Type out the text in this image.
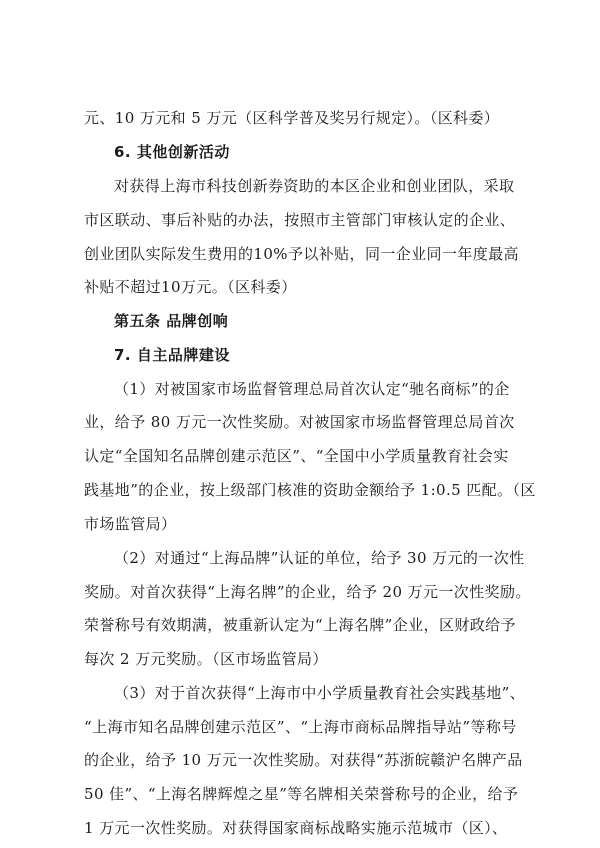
元、10 万元和 5 万元（区科学普及奖另行规定）。（区科委）
6. 其他创新活动
对获得上海市科技创新券资助的本区企业和创业团队，采取
市区联动、事后补贴的办法，按照市主管部门审核认定的企业、
创业团队实际发生费用的10%予以补贴，同一企业同一年度最高
补贴不超过10万元。（区科委）
第五条 品牌创响
7. 自主品牌建设
（1）对被国家市场监督管理总局首次认定“驰名商标”的企
业，给予 80 万元一次性奖励。对被国家市场监督管理总局首次
认定“全国知名品牌创建示范区”、“全国中小学质量教育社会实
践基地”的企业，按上级部门核准的资助金额给予 1:0.5 匹配。（区
市场监管局）
（2）对通过“上海品牌”认证的单位，给予 30 万元的一次性
奖励。对首次获得“上海名牌”的企业，给予 20 万元一次性奖励。
荣誉称号有效期满，被重新认定为“上海名牌”企业，区财政给予
每次 2 万元奖励。（区市场监管局）
（3）对于首次获得“上海市中小学质量教育社会实践基地”、
“上海市知名品牌创建示范区”、“上海市商标品牌指导站”等称号
的企业，给予 10 万元一次性奖励。对获得“苏浙皖赣沪名牌产品
50 佳”、“上海名牌辉煌之星”等名牌相关荣誉称号的企业，给予
1 万元一次性奖励。对获得国家商标战略实施示范城市（区）、
